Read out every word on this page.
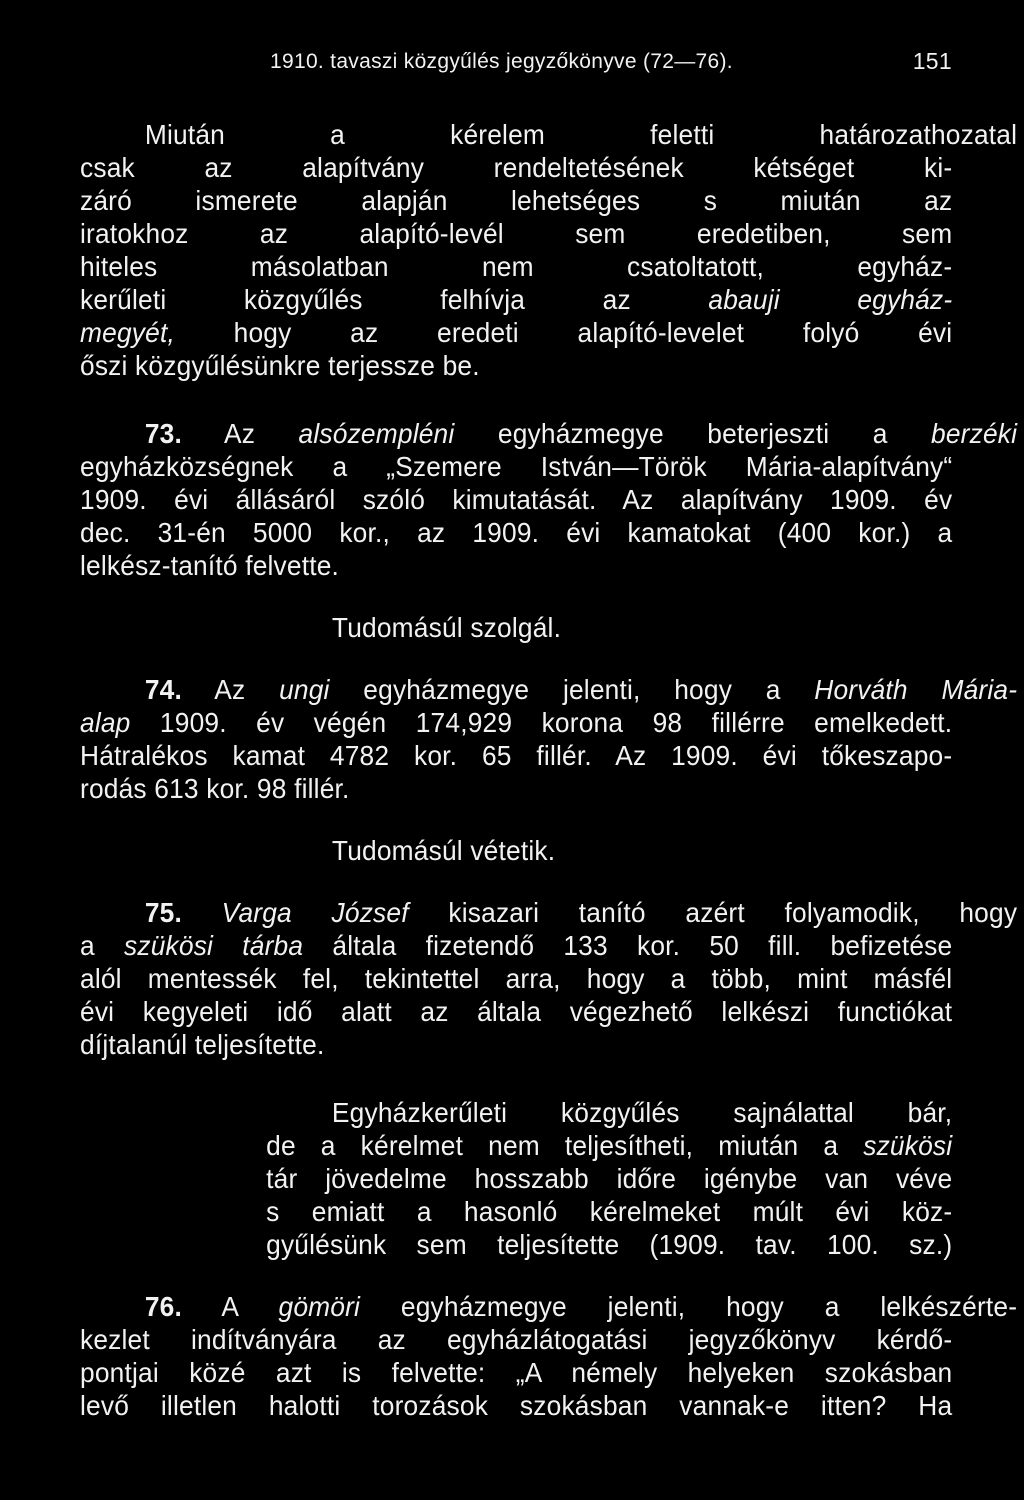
1910. tavaszi közgyűlés jegyzőkönyve (72—76).	151
Miután a kérelem feletti határozathozatal
csak az alapítvány rendeltetésének kétséget ki-
záró ismerete alapján lehetséges s miután az
iratokhoz az alapító-levél sem eredetiben, sem
hiteles másolatban nem csatoltatott, egyház-
kerűleti közgyűlés felhívja az abauji egyház-
megyét, hogy az eredeti alapító-levelet folyó évi
őszi közgyűlésünkre terjessze be.
73. Az alsózempléni egyházmegye beterjeszti a berzéki
egyházközségnek a „Szemere István—Török Mária-alapítvány“
1909. évi állásáról szóló kimutatását. Az alapítvány 1909. év
dec. 31-én 5000 kor., az 1909. évi kamatokat (400 kor.) a
lelkész-tanító felvette.
Tudomásúl szolgál.
74. Az ungi egyházmegye jelenti, hogy a Horváth Mária-
alap 1909. év végén 174,929 korona 98 fillérre emelkedett.
Hátralékos kamat 4782 kor. 65 fillér. Az 1909. évi tőkeszapo-
rodás 613 kor. 98 fillér.
Tudomásúl vétetik.
75. Varga József kisazari tanító azért folyamodik, hogy
a szükösi tárba általa fizetendő 133 kor. 50 fill. befizetése
alól mentessék fel, tekintettel arra, hogy a több, mint másfél
évi kegyeleti idő alatt az általa végezhető lelkészi functiókat
díjtalanúl teljesítette.
Egyházkerűleti közgyűlés sajnálattal bár,
de a kérelmet nem teljesítheti, miután a szükösi
tár jövedelme hosszabb időre igénybe van véve
s emiatt a hasonló kérelmeket múlt évi köz-
gyűlésünk sem teljesítette (1909. tav. 100. sz.)
76. A gömöri egyházmegye jelenti, hogy a lelkészérte-
kezlet indítványára az egyházlátogatási jegyzőkönyv kérdő-
pontjai közé azt is felvette: „A némely helyeken szokásban
levő illetlen halotti torozások szokásban vannak-e itten? Ha
